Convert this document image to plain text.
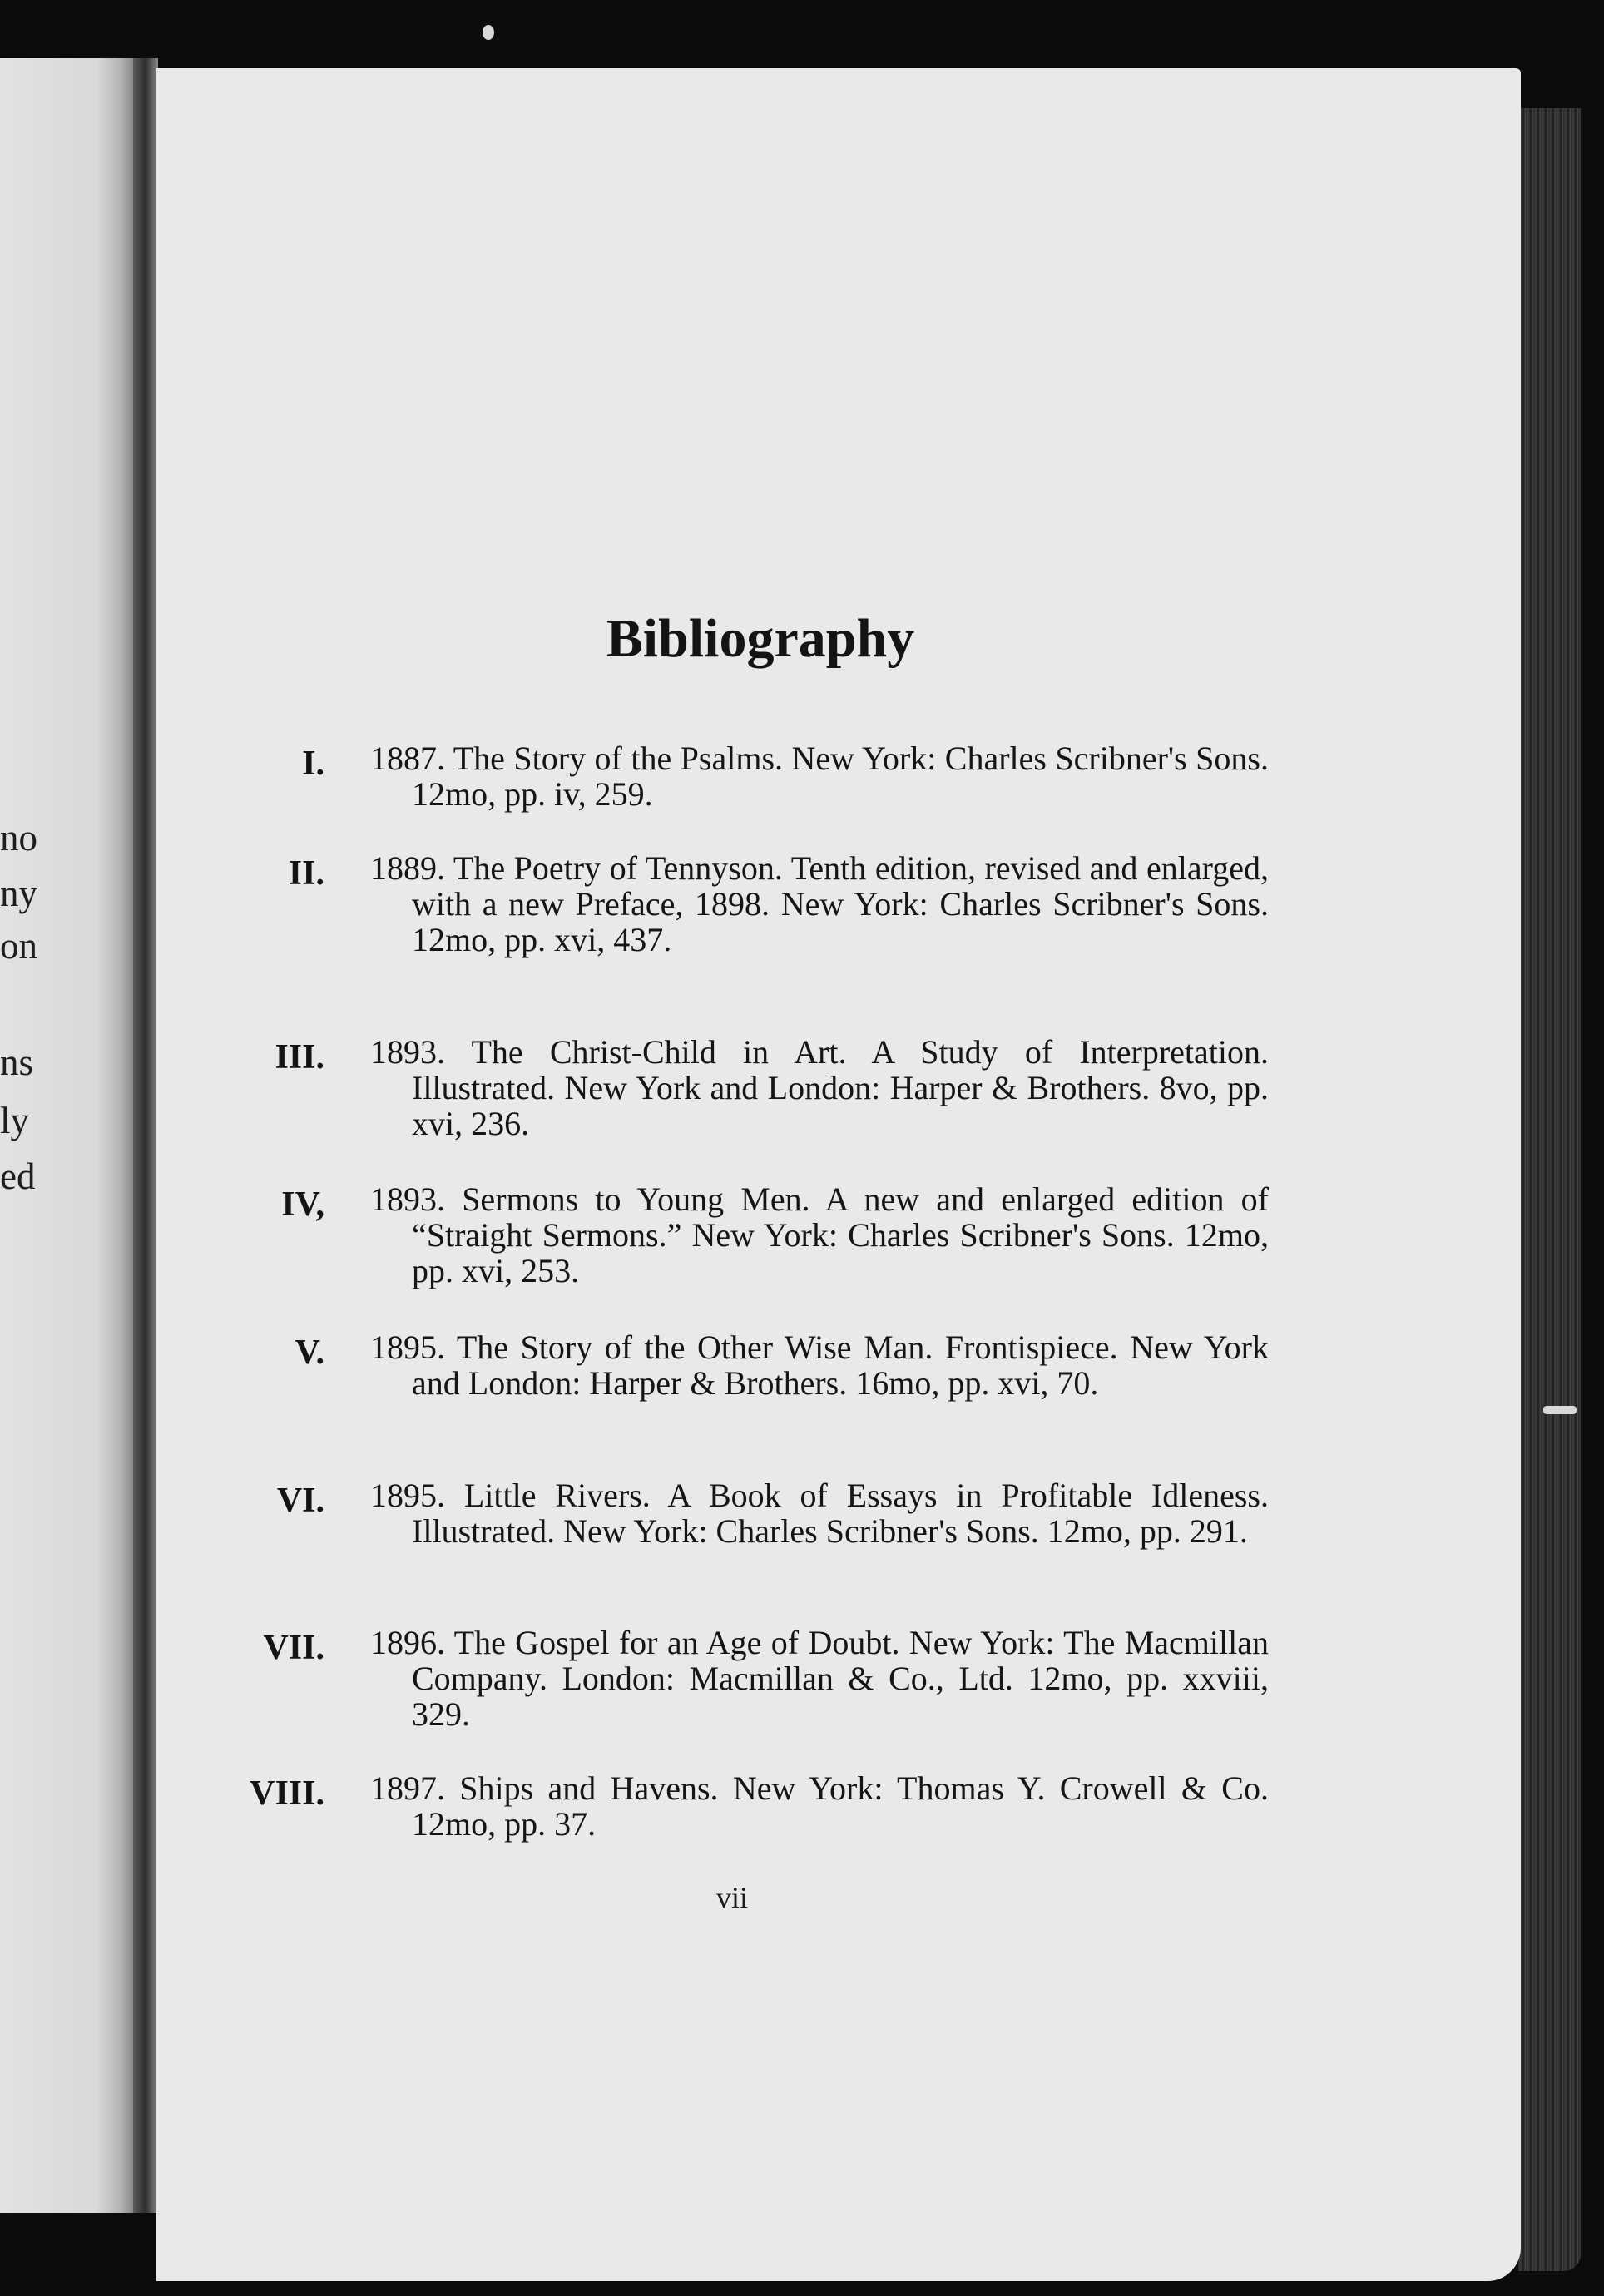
no
ny
on
ns
ly
ed
Bibliography
I. 1887. The Story of the Psalms. New York: Charles Scribner's Sons. 12mo, pp. iv, 259.
II. 1889. The Poetry of Tennyson. Tenth edition, revised and enlarged, with a new Preface, 1898. New York: Charles Scribner's Sons. 12mo, pp. xvi, 437.
III. 1893. The Christ-Child in Art. A Study of Interpretation. Illustrated. New York and London: Harper & Brothers. 8vo, pp. xvi, 236.
IV, 1893. Sermons to Young Men. A new and enlarged edition of “Straight Sermons.” New York: Charles Scribner's Sons. 12mo, pp. xvi, 253.
V. 1895. The Story of the Other Wise Man. Frontispiece. New York and London: Harper & Brothers. 16mo, pp. xvi, 70.
VI. 1895. Little Rivers. A Book of Essays in Profitable Idleness. Illustrated. New York: Charles Scribner's Sons. 12mo, pp. 291.
VII. 1896. The Gospel for an Age of Doubt. New York: The Macmillan Company. London: Macmillan & Co., Ltd. 12mo, pp. xxviii, 329.
VIII. 1897. Ships and Havens. New York: Thomas Y. Crowell & Co. 12mo, pp. 37.
vii
